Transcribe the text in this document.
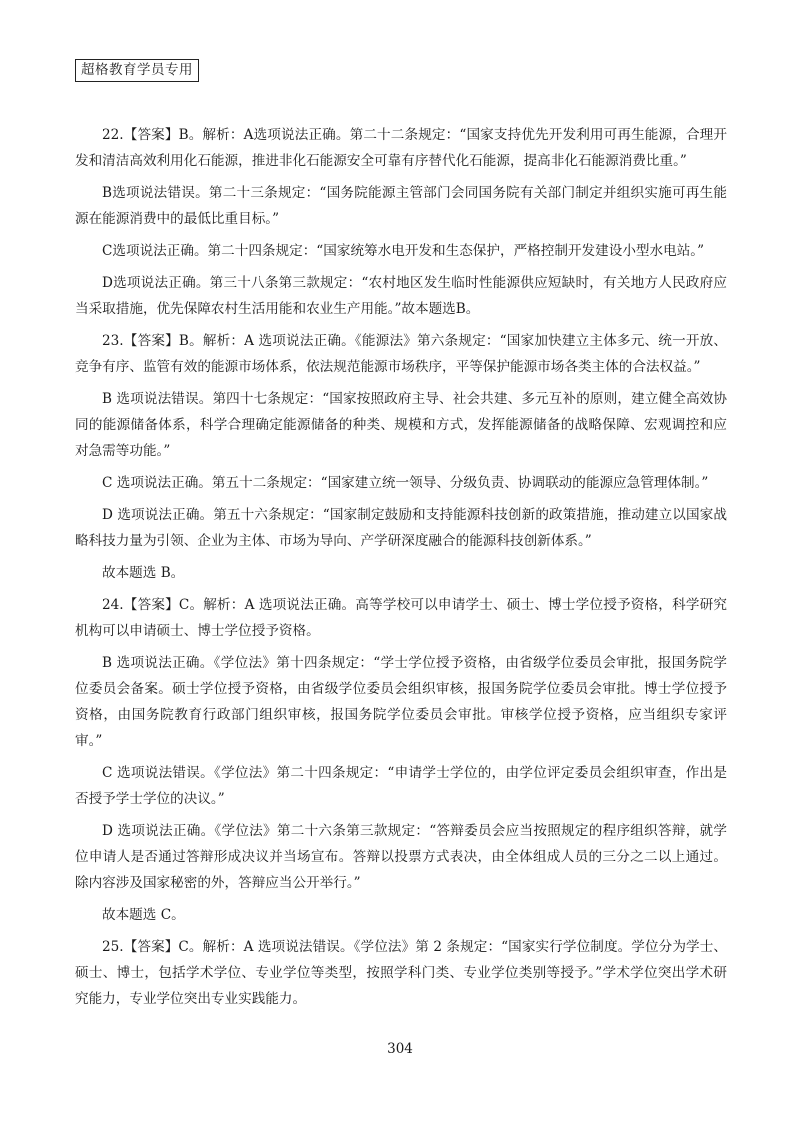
超格教育学员专用

22.【答案】B。解析：A选项说法正确。第二十二条规定：“国家支持优先开发利用可再生能源，合理开发和清洁高效利用化石能源，推进非化石能源安全可靠有序替代化石能源，提高非化石能源消费比重。”

B选项说法错误。第二十三条规定：“国务院能源主管部门会同国务院有关部门制定并组织实施可再生能源在能源消费中的最低比重目标。”

C选项说法正确。第二十四条规定：“国家统筹水电开发和生态保护，严格控制开发建设小型水电站。”

D选项说法正确。第三十八条第三款规定：“农村地区发生临时性能源供应短缺时，有关地方人民政府应当采取措施，优先保障农村生活用能和农业生产用能。”故本题选B。

23.【答案】B。解析：A 选项说法正确。《能源法》第六条规定：“国家加快建立主体多元、统一开放、竞争有序、监管有效的能源市场体系，依法规范能源市场秩序，平等保护能源市场各类主体的合法权益。”

B 选项说法错误。第四十七条规定：“国家按照政府主导、社会共建、多元互补的原则，建立健全高效协同的能源储备体系，科学合理确定能源储备的种类、规模和方式，发挥能源储备的战略保障、宏观调控和应对急需等功能。”

C 选项说法正确。第五十二条规定：“国家建立统一领导、分级负责、协调联动的能源应急管理体制。”

D 选项说法正确。第五十六条规定：“国家制定鼓励和支持能源科技创新的政策措施，推动建立以国家战略科技力量为引领、企业为主体、市场为导向、产学研深度融合的能源科技创新体系。”

故本题选 B。

24.【答案】C。解析：A 选项说法正确。高等学校可以申请学士、硕士、博士学位授予资格，科学研究机构可以申请硕士、博士学位授予资格。

B 选项说法正确。《学位法》第十四条规定：“学士学位授予资格，由省级学位委员会审批，报国务院学位委员会备案。硕士学位授予资格，由省级学位委员会组织审核，报国务院学位委员会审批。博士学位授予资格，由国务院教育行政部门组织审核，报国务院学位委员会审批。审核学位授予资格，应当组织专家评审。”

C 选项说法错误。《学位法》第二十四条规定：“申请学士学位的，由学位评定委员会组织审查，作出是否授予学士学位的决议。”

D 选项说法正确。《学位法》第二十六条第三款规定：“答辩委员会应当按照规定的程序组织答辩，就学位申请人是否通过答辩形成决议并当场宣布。答辩以投票方式表决，由全体组成人员的三分之二以上通过。除内容涉及国家秘密的外，答辩应当公开举行。”

故本题选 C。

25.【答案】C。解析：A 选项说法错误。《学位法》第 2 条规定：“国家实行学位制度。学位分为学士、硕士、博士，包括学术学位、专业学位等类型，按照学科门类、专业学位类别等授予。”学术学位突出学术研究能力，专业学位突出专业实践能力。

304
